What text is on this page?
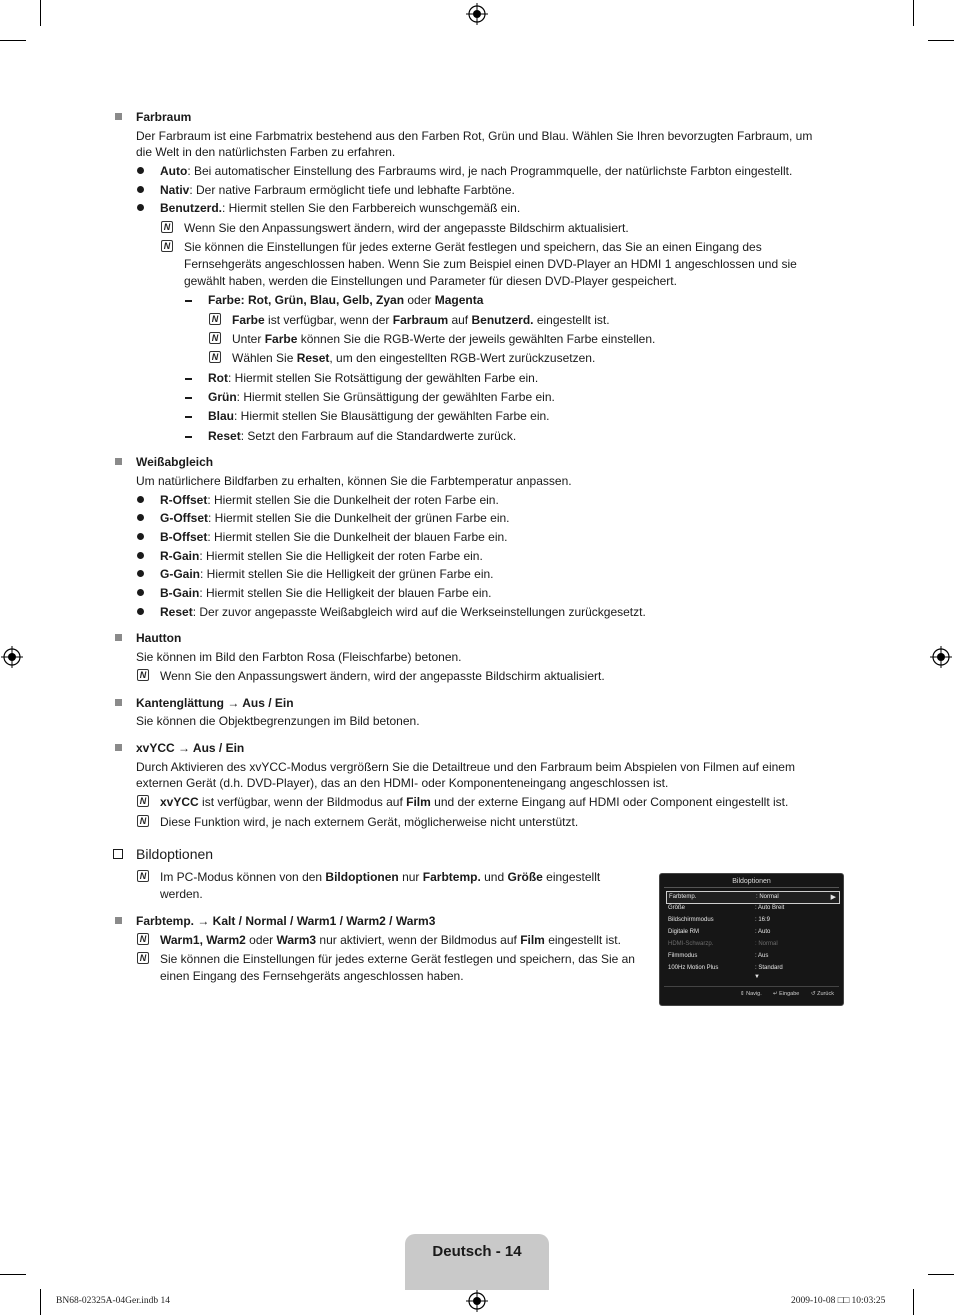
Farbraum
Der Farbraum ist eine Farbmatrix bestehend aus den Farben Rot, Grün und Blau. Wählen Sie Ihren bevorzugten Farbraum, um
die Welt in den natürlichsten Farben zu erfahren.
Auto: Bei automatischer Einstellung des Farbraums wird, je nach Programmquelle, der natürlichste Farbton eingestellt.
Nativ: Der native Farbraum ermöglicht tiefe und lebhafte Farbtöne.
Benutzerd.: Hiermit stellen Sie den Farbbereich wunschgemäß ein.
N Wenn Sie den Anpassungswert ändern, wird der angepasste Bildschirm aktualisiert.
N Sie können die Einstellungen für jedes externe Gerät festlegen und speichern, das Sie an einen Eingang des
Fernsehgeräts angeschlossen haben. Wenn Sie zum Beispiel einen DVD-Player an HDMI 1 angeschlossen und sie
gewählt haben, werden die Einstellungen und Parameter für diesen DVD-Player gespeichert.
Farbe: Rot, Grün, Blau, Gelb, Zyan oder Magenta
N Farbe ist verfügbar, wenn der Farbraum auf Benutzerd. eingestellt ist.
N Unter Farbe können Sie die RGB-Werte der jeweils gewählten Farbe einstellen.
N Wählen Sie Reset, um den eingestellten RGB-Wert zurückzusetzen.
Rot: Hiermit stellen Sie Rotsättigung der gewählten Farbe ein.
Grün: Hiermit stellen Sie Grünsättigung der gewählten Farbe ein.
Blau: Hiermit stellen Sie Blausättigung der gewählten Farbe ein.
Reset: Setzt den Farbraum auf die Standardwerte zurück.
Weißabgleich
Um natürlichere Bildfarben zu erhalten, können Sie die Farbtemperatur anpassen.
R-Offset: Hiermit stellen Sie die Dunkelheit der roten Farbe ein.
G-Offset: Hiermit stellen Sie die Dunkelheit der grünen Farbe ein.
B-Offset: Hiermit stellen Sie die Dunkelheit der blauen Farbe ein.
R-Gain: Hiermit stellen Sie die Helligkeit der roten Farbe ein.
G-Gain: Hiermit stellen Sie die Helligkeit der grünen Farbe ein.
B-Gain: Hiermit stellen Sie die Helligkeit der blauen Farbe ein.
Reset: Der zuvor angepasste Weißabgleich wird auf die Werkseinstellungen zurückgesetzt.
Hautton
Sie können im Bild den Farbton Rosa (Fleischfarbe) betonen.
N Wenn Sie den Anpassungswert ändern, wird der angepasste Bildschirm aktualisiert.
Kantenglättung → Aus / Ein
Sie können die Objektbegrenzungen im Bild betonen.
xvYCC → Aus / Ein
Durch Aktivieren des xvYCC-Modus vergrößern Sie die Detailtreue und den Farbraum beim Abspielen von Filmen auf einem
externen Gerät (d.h. DVD-Player), das an den HDMI- oder Komponenteneingang angeschlossen ist.
N xvYCC ist verfügbar, wenn der Bildmodus auf Film und der externe Eingang auf HDMI oder Component eingestellt ist.
N Diese Funktion wird, je nach externem Gerät, möglicherweise nicht unterstützt.
Bildoptionen
N Im PC-Modus können von den Bildoptionen nur Farbtemp. und Größe eingestellt
werden.
Farbtemp. → Kalt / Normal / Warm1 / Warm2 / Warm3
N Warm1, Warm2 oder Warm3 nur aktiviert, wenn der Bildmodus auf Film eingestellt ist.
N Sie können die Einstellungen für jedes externe Gerät festlegen und speichern, das Sie an
einen Eingang des Fernsehgeräts angeschlossen haben.
Bildoptionen
Farbtemp.	: Normal	▶
Größe	: Auto Breit
Bildschirmmodus	: 16:9
Digitale RM	: Auto
HDMI-Schwarzp.	: Normal
Filmmodus	: Aus
100Hz Motion Plus	: Standard
▼
⇕ Navig. ↵ Eingabe ↺ Zurück
Deutsch - 14
BN68-02325A-04Ger.indb 14	2009-10-08 □□ 10:03:25
